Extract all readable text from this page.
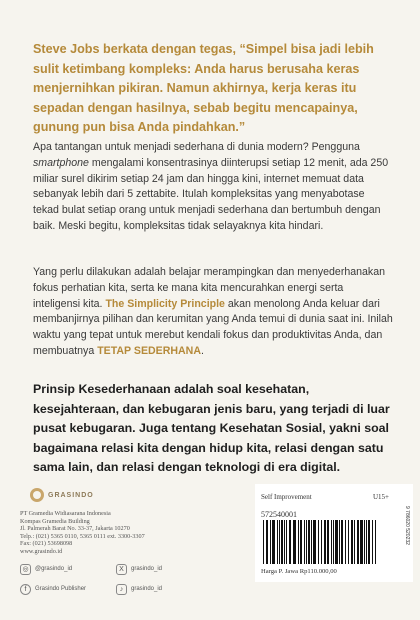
Steve Jobs berkata dengan tegas, “Simpel bisa jadi lebih sulit ketimbang kompleks: Anda harus berusaha keras menjernihkan pikiran. Namun akhirnya, kerja keras itu sepadan dengan hasilnya, sebab begitu mencapainya, gunung pun bisa Anda pindahkan.”
Apa tantangan untuk menjadi sederhana di dunia modern? Pengguna smartphone mengalami konsentrasinya diinterupsi setiap 12 menit, ada 250 miliar surel dikirim setiap 24 jam dan hingga kini, internet memuat data sebanyak lebih dari 5 zettabite. Itulah kompleksitas yang menyabotase tekad bulat setiap orang untuk menjadi sederhana dan bertumbuh dengan baik. Meski begitu, kompleksitas tidak selayaknya kita hindari.
Yang perlu dilakukan adalah belajar merampingkan dan menyederhanakan fokus perhatian kita, serta ke mana kita mencurahkan energi serta inteligensi kita. The Simplicity Principle akan menolong Anda keluar dari membanjirnya pilihan dan kerumitan yang Anda temui di dunia saat ini. Inilah waktu yang tepat untuk merebut kendali fokus dan produktivitas Anda, dan membuatnya TETAP SEDERHANA.
Prinsip Kesederhanaan adalah soal kesehatan, kesejahteraan, dan kebugaran jenis baru, yang terjadi di luar pusat kebugaran. Juga tentang Kesehatan Sosial, yakni soal bagaimana relasi kita dengan hidup kita, relasi dengan satu sama lain, dan relasi dengan teknologi di era digital.
GRASINDO
PT Gramedia Widiasarana Indonesia
Kompas Gramedia Building
Jl. Palmerah Barat No. 33-37, Jakarta 10270
Telp.: (021) 5365 0110, 5365 0111 ext. 3300-3307
Fax: (021) 53698098
www.grasindo.id
◎	@grasindo_id	X	grasindo_id
f	Grasindo Publisher	♪	grasindo_id
Self Improvement	U15+
572540001	9 786020 520232
Harga P. Jawa Rp110.000,00
